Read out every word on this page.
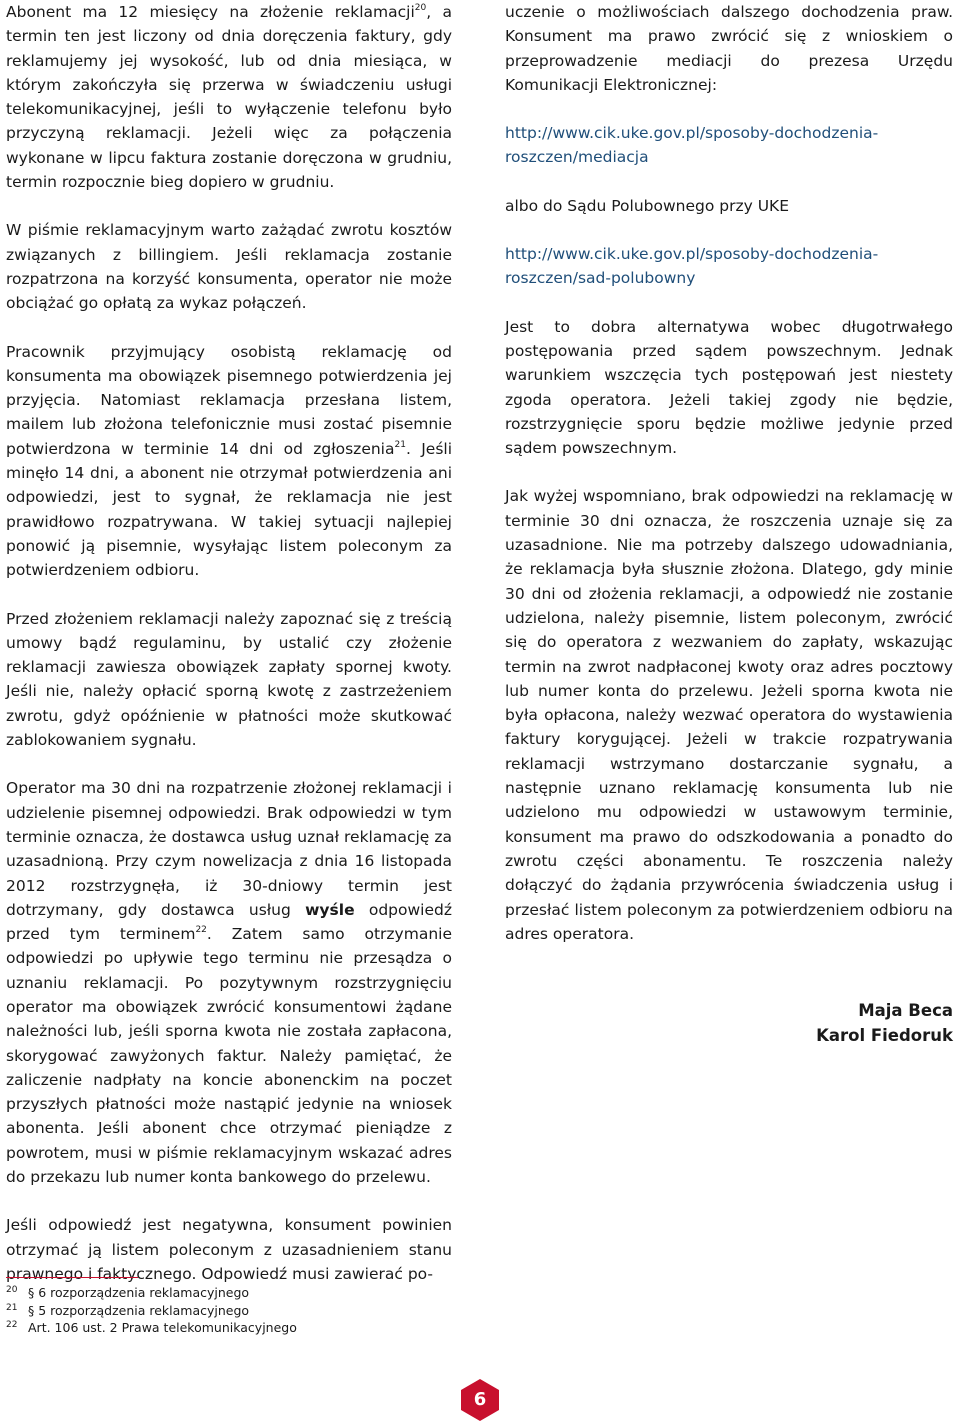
Abonent ma 12 miesięcy na złożenie reklamacji$^{20}$, a termin ten jest liczony od dnia doręczenia faktury, gdy reklamujemy jej wysokość, lub od dnia miesiąca, w którym zakończyła się przerwa w świadczeniu usługi telekomunikacyjnej, jeśli to wyłączenie telefonu było przyczyną reklamacji. Jeżeli więc za połączenia wykonane w lipcu faktura zostanie doręczona w grudniu, termin rozpocznie bieg dopiero w grudniu.

W piśmie reklamacyjnym warto zażądać zwrotu kosztów związanych z billingiem. Jeśli reklamacja zostanie rozpatrzona na korzyść konsumenta, operator nie może obciążać go opłatą za wykaz połączeń.

Pracownik przyjmujący osobistą reklamację od konsumenta ma obowiązek pisemnego potwierdzenia jej przyjęcia. Natomiast reklamacja przesłana listem, mailem lub złożona telefonicznie musi zostać pisemnie potwierdzona w terminie 14 dni od zgłoszenia$^{21}$. Jeśli minęło 14 dni, a abonent nie otrzymał potwierdzenia ani odpowiedzi, jest to sygnał, że reklamacja nie jest prawidłowo rozpatrywana. W takiej sytuacji najlepiej ponowić ją pisemnie, wysyłając listem poleconym za potwierdzeniem odbioru.

Przed złożeniem reklamacji należy zapoznać się z treścią umowy bądź regulaminu, by ustalić czy złożenie reklamacji zawiesza obowiązek zapłaty spornej kwoty. Jeśli nie, należy opłacić sporną kwotę z zastrzeżeniem zwrotu, gdyż opóźnienie w płatności może skutkować zablokowaniem sygnału.

Operator ma 30 dni na rozpatrzenie złożonej reklamacji i udzielenie pisemnej odpowiedzi. Brak odpowiedzi w tym terminie oznacza, że dostawca usług uznał reklamację za uzasadnioną. Przy czym nowelizacja z dnia 16 listopada 2012 rozstrzygnęła, iż 30-dniowy termin jest dotrzymany, gdy dostawca usług wyśle odpowiedź przed tym terminem$^{22}$. Zatem samo otrzymanie odpowiedzi po upływie tego terminu nie przesądza o uznaniu reklamacji. Po pozytywnym rozstrzygnięciu operator ma obowiązek zwrócić konsumentowi żądane należności lub, jeśli sporna kwota nie została zapłacona, skorygować zawyżonych faktur. Należy pamiętać, że zaliczenie nadpłaty na koncie abonenckim na poczet przyszłych płatności może nastąpić jedynie na wniosek abonenta. Jeśli abonent chce otrzymać pieniądze z powrotem, musi w piśmie reklamacyjnym wskazać adres do przekazu lub numer konta bankowego do przelewu.

Jeśli odpowiedź jest negatywna, konsument powinien otrzymać ją listem poleconym z uzasadnieniem stanu prawnego i faktycznego. Odpowiedź musi zawierać po-

uczenie o możliwościach dalszego dochodzenia praw. Konsument ma prawo zwrócić się z wnioskiem o przeprowadzenie mediacji do prezesa Urzędu Komunikacji Elektronicznej:

http://www.cik.uke.gov.pl/sposoby-dochodzenia-roszczen/mediacja

albo do Sądu Polubownego przy UKE

http://www.cik.uke.gov.pl/sposoby-dochodzenia-roszczen/sad-polubowny

Jest to dobra alternatywa wobec długotrwałego postępowania przed sądem powszechnym. Jednak warunkiem wszczęcia tych postępowań jest niestety zgoda operatora. Jeżeli takiej zgody nie będzie, rozstrzygnięcie sporu będzie możliwe jedynie przed sądem powszechnym.

Jak wyżej wspomniano, brak odpowiedzi na reklamację w terminie 30 dni oznacza, że roszczenia uznaje się za uzasadnione. Nie ma potrzeby dalszego udowadniania, że reklamacja była słusznie złożona. Dlatego, gdy minie 30 dni od złożenia reklamacji, a odpowiedź nie zostanie udzielona, należy pisemnie, listem poleconym, zwrócić się do operatora z wezwaniem do zapłaty, wskazując termin na zwrot nadpłaconej kwoty oraz adres pocztowy lub numer konta do przelewu. Jeżeli sporna kwota nie była opłacona, należy wezwać operatora do wystawienia faktury korygującej. Jeżeli w trakcie rozpatrywania reklamacji wstrzymano dostarczanie sygnału, a następnie uznano reklamację konsumenta lub nie udzielono mu odpowiedzi w ustawowym terminie, konsument ma prawo do odszkodowania a ponadto do zwrotu części abonamentu. Te roszczenia należy dołączyć do żądania przywrócenia świadczenia usług i przesłać listem poleconym za potwierdzeniem odbioru na adres operatora.

Maja Beca
Karol Fiedoruk
20 § 6 rozporządzenia reklamacyjnego
21 § 5 rozporządzenia reklamacyjnego
22 Art. 106 ust. 2 Prawa telekomunikacyjnego
6
